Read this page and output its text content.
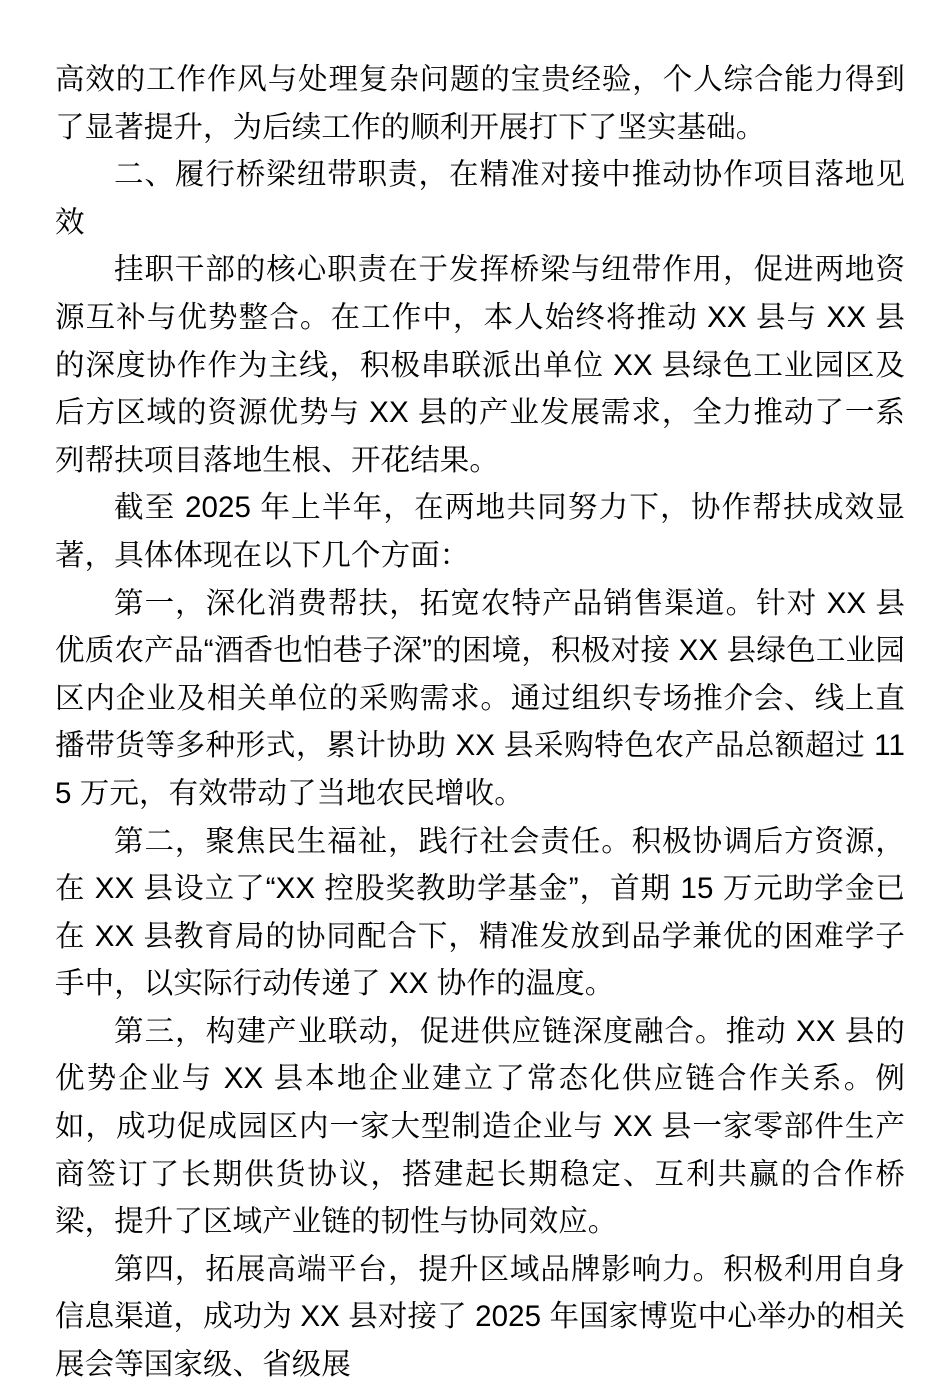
高效的工作作风与处理复杂问题的宝贵经验，个人综合能力得到了显著提升，为后续工作的顺利开展打下了坚实基础。

二、履行桥梁纽带职责，在精准对接中推动协作项目落地见效

挂职干部的核心职责在于发挥桥梁与纽带作用，促进两地资源互补与优势整合。在工作中，本人始终将推动 XX 县与 XX 县的深度协作作为主线，积极串联派出单位 XX 县绿色工业园区及后方区域的资源优势与 XX 县的产业发展需求，全力推动了一系列帮扶项目落地生根、开花结果。

截至 2025 年上半年，在两地共同努力下，协作帮扶成效显著，具体体现在以下几个方面：

第一，深化消费帮扶，拓宽农特产品销售渠道。针对 XX 县优质农产品“酒香也怕巷子深”的困境，积极对接 XX 县绿色工业园区内企业及相关单位的采购需求。通过组织专场推介会、线上直播带货等多种形式，累计协助 XX 县采购特色农产品总额超过 115 万元，有效带动了当地农民增收。

第二，聚焦民生福祉，践行社会责任。积极协调后方资源，在 XX 县设立了“XX 控股奖教助学基金”，首期 15 万元助学金已在 XX 县教育局的协同配合下，精准发放到品学兼优的困难学子手中，以实际行动传递了 XX 协作的温度。

第三，构建产业联动，促进供应链深度融合。推动 XX 县的优势企业与 XX 县本地企业建立了常态化供应链合作关系。例如，成功促成园区内一家大型制造企业与 XX 县一家零部件生产商签订了长期供货协议，搭建起长期稳定、互利共赢的合作桥梁，提升了区域产业链的韧性与协同效应。

第四，拓展高端平台，提升区域品牌影响力。积极利用自身信息渠道，成功为 XX 县对接了 2025 年国家博览中心举办的相关展会等国家级、省级展
